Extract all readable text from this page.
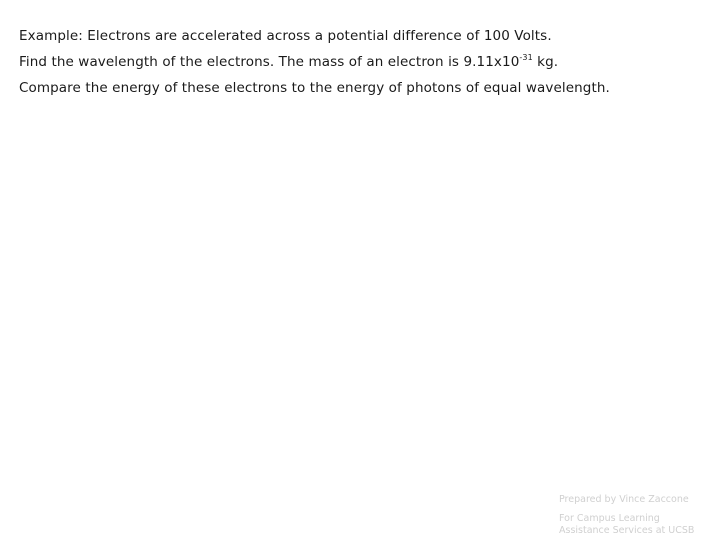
Example: Electrons are accelerated across a potential difference of 100 Volts.
Find the wavelength of the electrons. The mass of an electron is $9.11x10^{-31}$ kg.
Compare the energy of these electrons to the energy of photons of equal wavelength.
Prepared by Vince Zaccone
For Campus Learning
Assistance Services at UCSB
